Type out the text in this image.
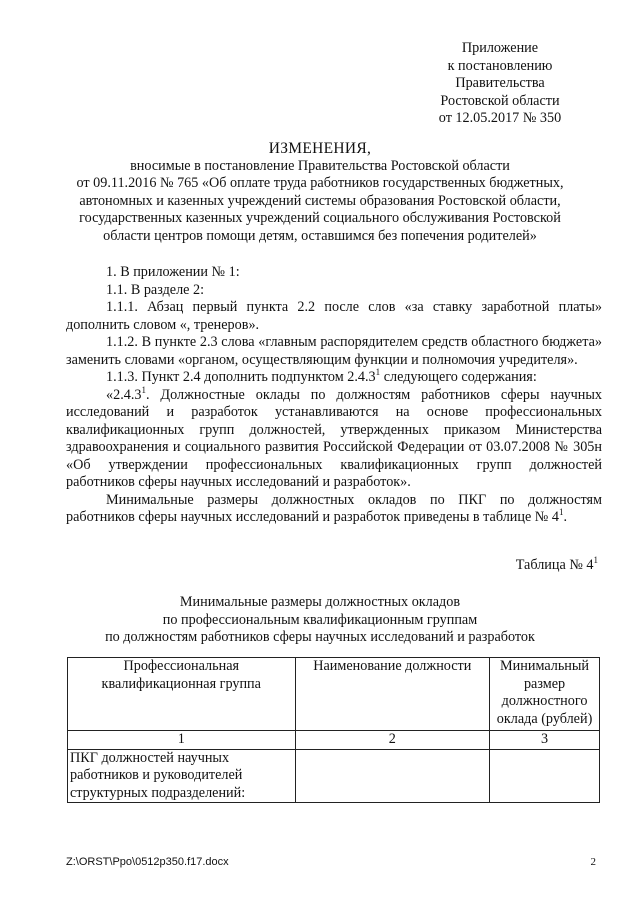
Приложение
к постановлению
Правительства
Ростовской области
от 12.05.2017 № 350
ИЗМЕНЕНИЯ,
вносимые в постановление Правительства Ростовской области
от 09.11.2016 № 765 «Об оплате труда работников государственных бюджетных,
автономных и казенных учреждений системы образования Ростовской области,
государственных казенных учреждений социального обслуживания Ростовской
области центров помощи детям, оставшимся без попечения родителей»

1. В приложении № 1:

1.1. В разделе 2:

1.1.1. Абзац первый пункта 2.2 после слов «за ставку заработной платы» дополнить словом «, тренеров».

1.1.2. В пункте 2.3 слова «главным распорядителем средств областного бюджета» заменить словами «органом, осуществляющим функции и полномочия учредителя».

1.1.3. Пункт 2.4 дополнить подпунктом 2.4.3$^1$ следующего содержания:

«2.4.3$^1$. Должностные оклады по должностям работников сферы научных исследований и разработок устанавливаются на основе профессиональных квалификационных групп должностей, утвержденных приказом Министерства здравоохранения и социального развития Российской Федерации от 03.07.2008 № 305н «Об утверждении профессиональных квалификационных групп должностей работников сферы научных исследований и разработок».

Минимальные размеры должностных окладов по ПКГ по должностям работников сферы научных исследований и разработок приведены в таблице № $4^1$.

Таблица № $4^1$
Минимальные размеры должностных окладов
по профессиональным квалификационным группам
по должностям работников сферы научных исследований и разработок
Профессиональная квалификационная группа	Наименование должности	Минимальный размер должностного оклада (рублей)
1	2	3
ПКГ должностей научных работников и руководителей структурных подразделений:		
Z:\ORST\Ppo\0512p350.f17.docx	2
